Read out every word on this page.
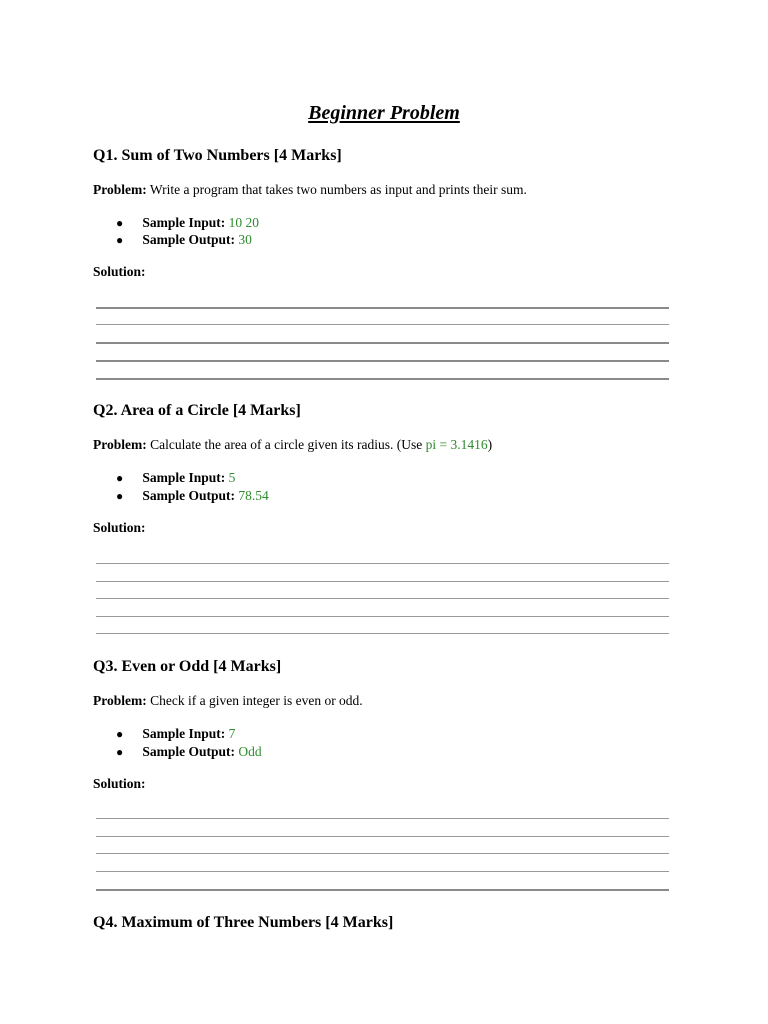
Beginner Problem
Q1. Sum of Two Numbers [4 Marks]
Problem: Write a program that takes two numbers as input and prints their sum.
● Sample Input: 10 20
● Sample Output: 30
Solution:
Q2. Area of a Circle [4 Marks]
Problem: Calculate the area of a circle given its radius. (Use pi = 3.1416)
● Sample Input: 5
● Sample Output: 78.54
Solution:
Q3. Even or Odd [4 Marks]
Problem: Check if a given integer is even or odd.
● Sample Input: 7
● Sample Output: Odd
Solution:
Q4. Maximum of Three Numbers [4 Marks]
